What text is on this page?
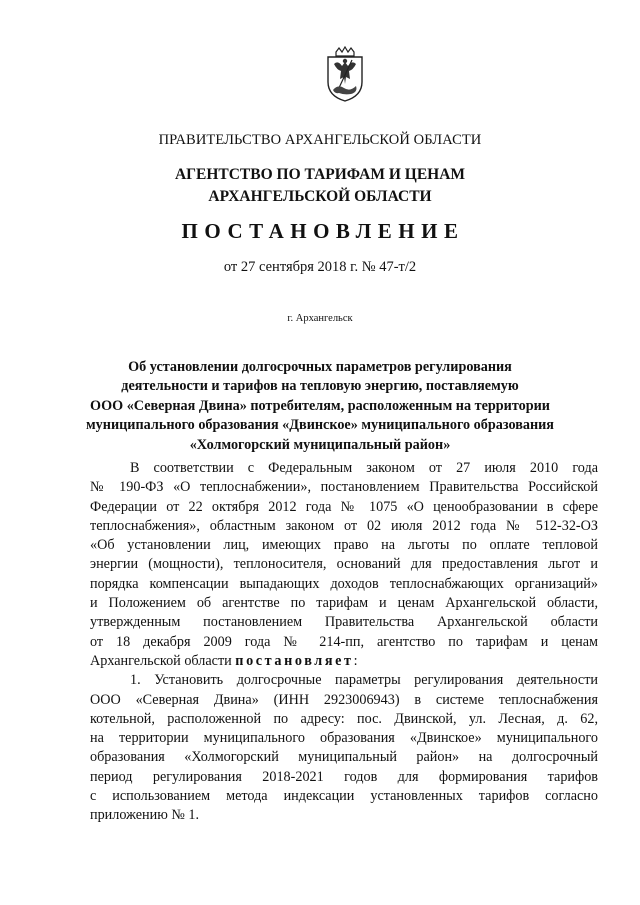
ПРАВИТЕЛЬСТВО АРХАНГЕЛЬСКОЙ ОБЛАСТИ
АГЕНТСТВО ПО ТАРИФАМ И ЦЕНАМ
АРХАНГЕЛЬСКОЙ ОБЛАСТИ
ПОСТАНОВЛЕНИЕ
от 27 сентября 2018 г. № 47-т/2
г. Архангельск
Об установлении долгосрочных параметров регулирования
деятельности и тарифов на тепловую энергию, поставляемую
ООО «Северная Двина» потребителям, расположенным на территории
муниципального образования «Двинское» муниципального образования
«Холмогорский муниципальный район»
В соответствии с Федеральным законом от 27 июля 2010 года
№ 190-ФЗ «О теплоснабжении», постановлением Правительства Российской
Федерации от 22 октября 2012 года № 1075 «О ценообразовании в сфере
теплоснабжения», областным законом от 02 июля 2012 года № 512-32-ОЗ
«Об установлении лиц, имеющих право на льготы по оплате тепловой
энергии (мощности), теплоносителя, оснований для предоставления льгот и
порядка компенсации выпадающих доходов теплоснабжающих организаций»
и Положением об агентстве по тарифам и ценам Архангельской области,
утвержденным постановлением Правительства Архангельской области
от 18 декабря 2009 года № 214-пп, агентство по тарифам и ценам
Архангельской области постановляет:
1. Установить долгосрочные параметры регулирования деятельности
ООО «Северная Двина» (ИНН 2923006943) в системе теплоснабжения
котельной, расположенной по адресу: пос. Двинской, ул. Лесная, д. 62,
на территории муниципального образования «Двинское» муниципального
образования «Холмогорский муниципальный район» на долгосрочный
период регулирования 2018-2021 годов для формирования тарифов
с использованием метода индексации установленных тарифов согласно
приложению № 1.
